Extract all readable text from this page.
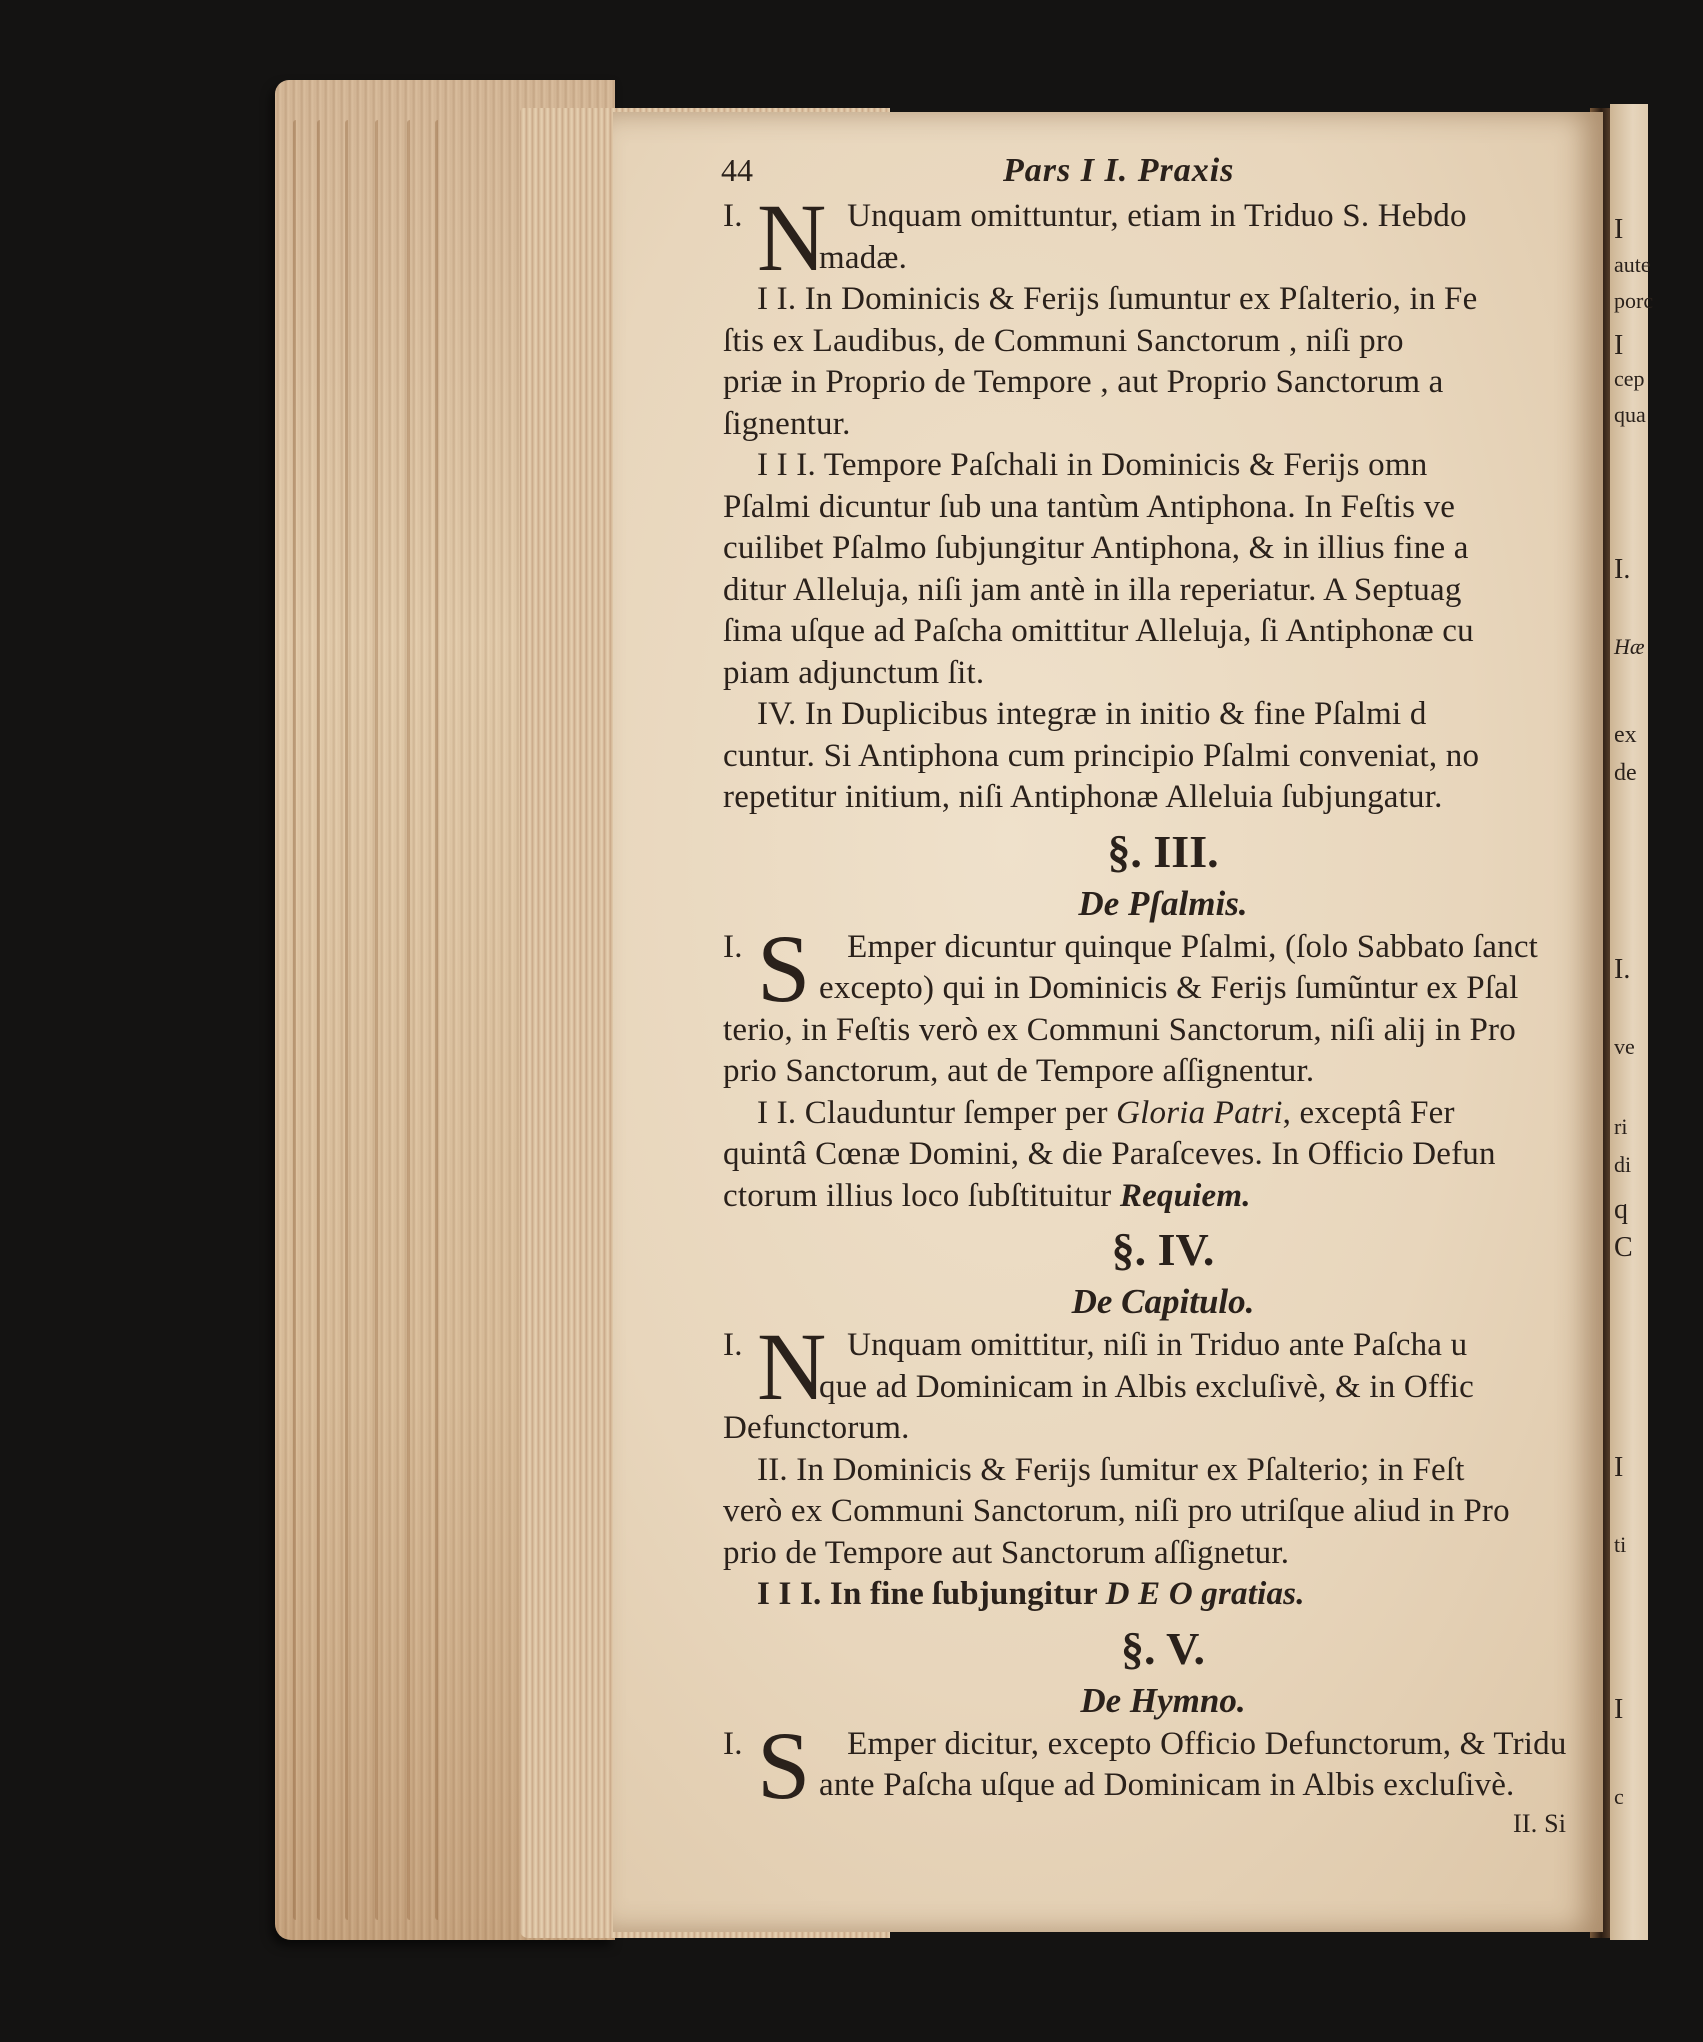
I
aute
porc
I
cep
qua
I.
Hæ
ex
de
I.
ve
ri
di
q
C
I
ti
I
c
44	Pars I I. Praxis
I. N Unquam omittuntur, etiam in Triduo S. Hebdo
madæ.
I I. In Dominicis & Ferijs ſumuntur ex Pſalterio, in Fe
ſtis ex Laudibus, de Communi Sanctorum , niſi pro
priæ in Proprio de Tempore , aut Proprio Sanctorum a
ſignentur.
I I I. Tempore Paſchali in Dominicis & Ferijs omn
Pſalmi dicuntur ſub una tantùm Antiphona. In Feſtis ve
cuilibet Pſalmo ſubjungitur Antiphona, & in illius fine a
ditur Alleluja, niſi jam antè in illa reperiatur. A Septuag
ſima uſque ad Paſcha omittitur Alleluja, ſi Antiphonæ cu
piam adjunctum ſit.
IV. In Duplicibus integræ in initio & fine Pſalmi d
cuntur. Si Antiphona cum principio Pſalmi conveniat, no
repetitur initium, niſi Antiphonæ Alleluia ſubjungatur.
§. III.
De Pſalmis.
I. S Emper dicuntur quinque Pſalmi, (ſolo Sabbato ſanct
excepto) qui in Dominicis & Ferijs ſumũntur ex Pſal
terio, in Feſtis verò ex Communi Sanctorum, niſi alij in Pro
prio Sanctorum, aut de Tempore aſſignentur.
I I. Clauduntur ſemper per Gloria Patri, exceptâ Fer
quintâ Cœnæ Domini, & die Paraſceves. In Officio Defun
ctorum illius loco ſubſtituitur Requiem.
§. IV.
De Capitulo.
I. N Unquam omittitur, niſi in Triduo ante Paſcha u
que ad Dominicam in Albis excluſivè, & in Offic
Defunctorum.
II. In Dominicis & Ferijs ſumitur ex Pſalterio; in Feſt
verò ex Communi Sanctorum, niſi pro utriſque aliud in Pro
prio de Tempore aut Sanctorum aſſignetur.
I I I. In fine ſubjungitur D E O gratias.
§. V.
De Hymno.
I. S Emper dicitur, excepto Officio Defunctorum, & Tridu
ante Paſcha uſque ad Dominicam in Albis excluſivè.
II. Si
